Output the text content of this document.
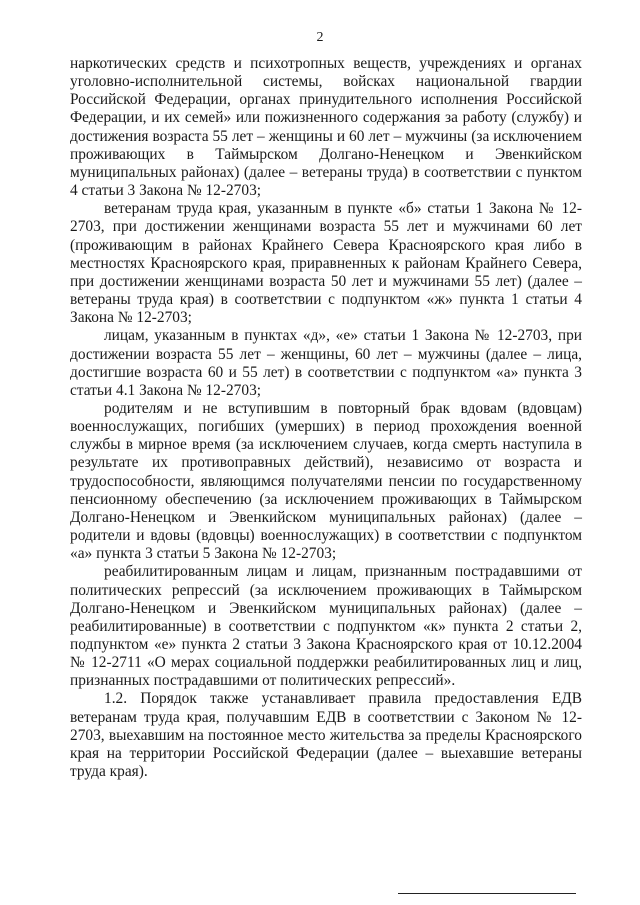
2

наркотических средств и психотропных веществ, учреждениях и органах уголовно-исполнительной системы, войсках национальной гвардии Российской Федерации, органах принудительного исполнения Российской Федерации, и их семей» или пожизненного содержания за работу (службу) и достижения возраста 55 лет – женщины и 60 лет – мужчины (за исключением проживающих в Таймырском Долгано-Ненецком и Эвенкийском муниципальных районах) (далее – ветераны труда) в соответствии с пунктом 4 статьи 3 Закона № 12-2703;

ветеранам труда края, указанным в пункте «б» статьи 1 Закона № 12-2703, при достижении женщинами возраста 55 лет и мужчинами 60 лет (проживающим в районах Крайнего Севера Красноярского края либо в местностях Красноярского края, приравненных к районам Крайнего Севера, при достижении женщинами возраста 50 лет и мужчинами 55 лет) (далее – ветераны труда края) в соответствии с подпунктом «ж» пункта 1 статьи 4 Закона № 12-2703;

лицам, указанным в пунктах «д», «е» статьи 1 Закона № 12-2703, при достижении возраста 55 лет – женщины, 60 лет – мужчины (далее – лица, достигшие возраста 60 и 55 лет) в соответствии с подпунктом «а» пункта 3 статьи 4.1 Закона № 12-2703;

родителям и не вступившим в повторный брак вдовам (вдовцам) военнослужащих, погибших (умерших) в период прохождения военной службы в мирное время (за исключением случаев, когда смерть наступила в результате их противоправных действий), независимо от возраста и трудоспособности, являющимся получателями пенсии по государственному пенсионному обеспечению (за исключением проживающих в Таймырском Долгано-Ненецком и Эвенкийском муниципальных районах) (далее – родители и вдовы (вдовцы) военнослужащих) в соответствии с подпунктом «а» пункта 3 статьи 5 Закона № 12-2703;

реабилитированным лицам и лицам, признанным пострадавшими от политических репрессий (за исключением проживающих в Таймырском Долгано-Ненецком и Эвенкийском муниципальных районах) (далее – реабилитированные) в соответствии с подпунктом «к» пункта 2 статьи 2, подпунктом «е» пункта 2 статьи 3 Закона Красноярского края от 10.12.2004 № 12-2711 «О мерах социальной поддержки реабилитированных лиц и лиц, признанных пострадавшими от политических репрессий».

1.2. Порядок также устанавливает правила предоставления ЕДВ ветеранам труда края, получавшим ЕДВ в соответствии с Законом № 12-2703, выехавшим на постоянное место жительства за пределы Красноярского края на территории Российской Федерации (далее – выехавшие ветераны труда края).
